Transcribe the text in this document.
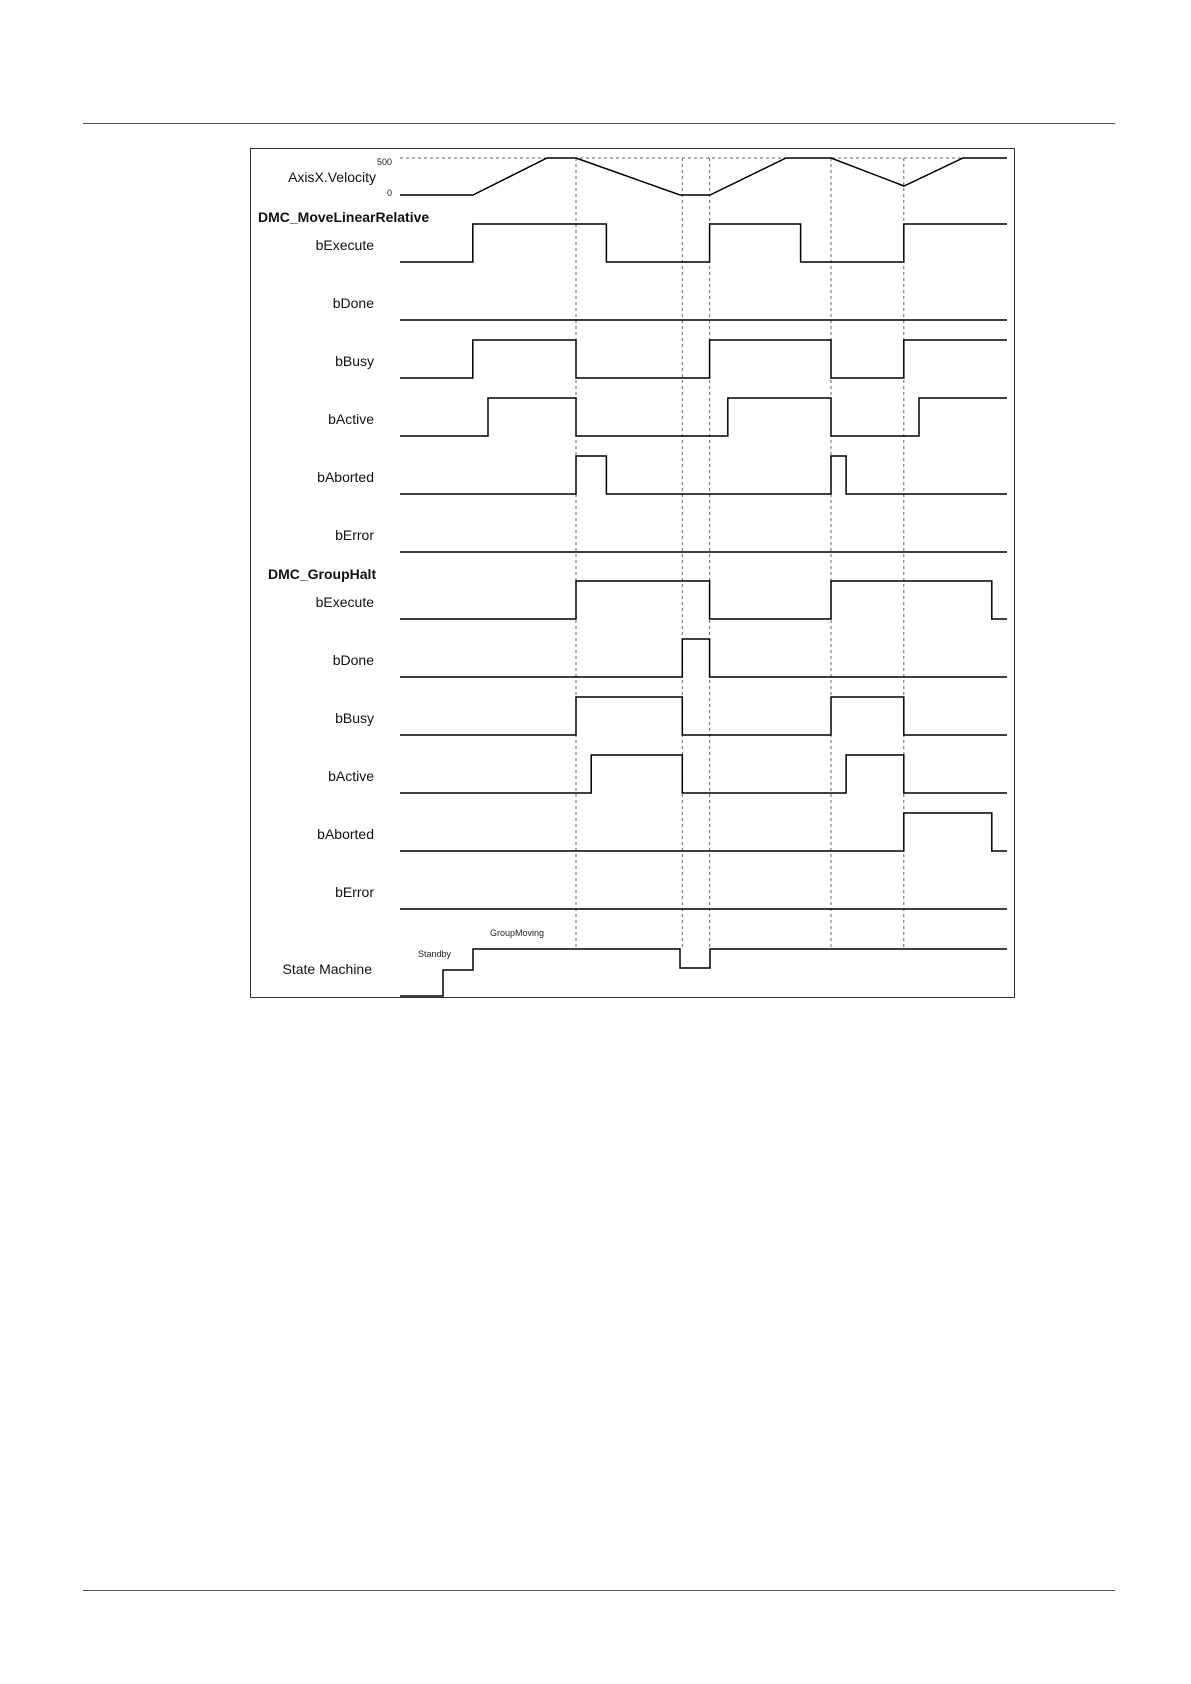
AxisX.Velocity
500
0
DMC_MoveLinearRelative
DMC_GroupHalt
bExecute
bDone
bBusy
bActive
bAborted
bError
bExecute
bDone
bBusy
bActive
bAborted
bError
State Machine
Standby
GroupMoving
